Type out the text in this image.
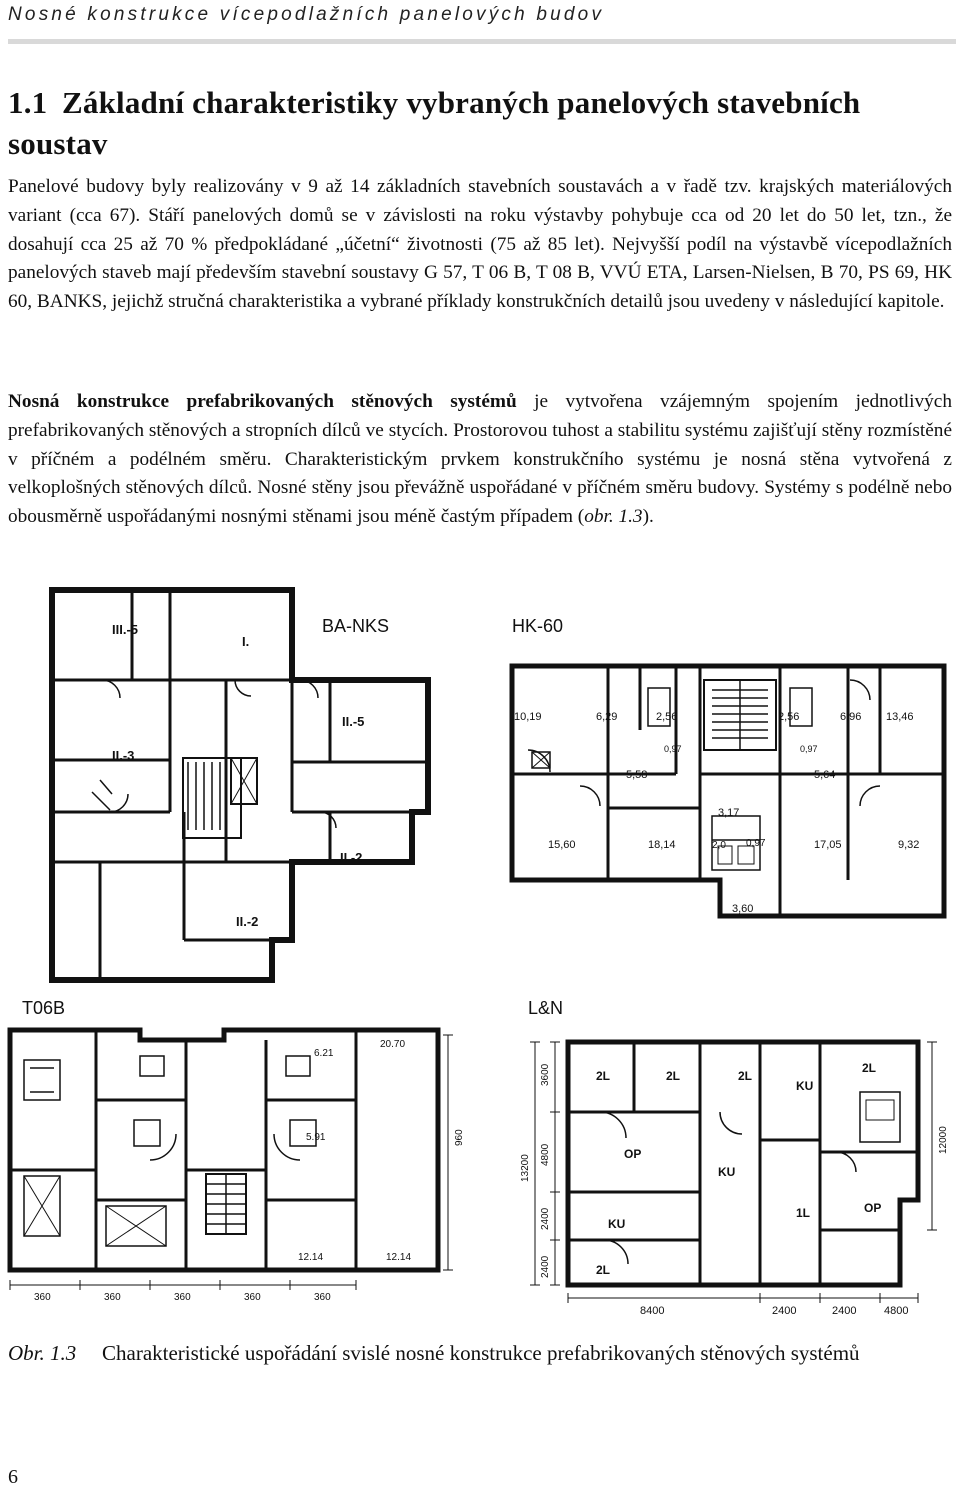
Nosné konstrukce vícepodlažních panelových budov
1.1 Základní charakteristiky vybraných panelových stavebních soustav

Panelové budovy byly realizovány v 9 až 14 základních stavebních soustavách a v řadě tzv. krajských materiálových variant (cca 67). Stáří panelových domů se v závislosti na roku výstavby pohybuje cca od 20 let do 50 let, tzn., že dosahují cca 25 až 70 % předpokládané „účetní“ životnosti (75 až 85 let). Nejvyšší podíl na výstavbě vícepodlažních panelových staveb mají především stavební soustavy G 57, T 06 B, T 08 B, VVÚ ETA, Larsen-Nielsen, B 70, PS 69, HK 60, BANKS, jejichž stručná charakteristika a vybrané příklady konstrukčních detailů jsou uvedeny v následující kapitole.

Nosná konstrukce prefabrikovaných stěnových systémů je vytvořena vzájemným spojením jednotlivých prefabrikovaných stěnových a stropních dílců ve stycích. Prostorovou tuhost a stabilitu systému zajišťují stěny rozmístěné v příčném a podélném směru. Charakteristickým prvkem konstrukčního systému je nosná stěna vytvořená z velkoplošných stěnových dílců. Nosné stěny jsou převážně uspořádané v příčném směru budovy. Systémy s podélně nebo obousměrně uspořádanými nosnými stěnami jsou méně častým případem (obr. 1.3).

BA-NKS
III.-5
I.
II.-5
II.-3
II.-2
II.-2
HK-60
10,19	6,29	2,56	2,56	6,96 13,46
0,97	0,97
5,58	5,64
3,17
15,60	18,14	2,0 0,97	17,05	9,32
3,60
T06B
6.21
20.70
5.91
12.14	12.14
360	360	360	360	360
960
L&N
2L	2L	2L
KU
2L
OP
KU
OP
1L
KU
2L
3600
4800
2400
2400
13200
8400	2400	2400	4800
12000
Obr. 1.3 Charakteristické uspořádání svislé nosné konstrukce prefabrikovaných stěnových systémů
6
